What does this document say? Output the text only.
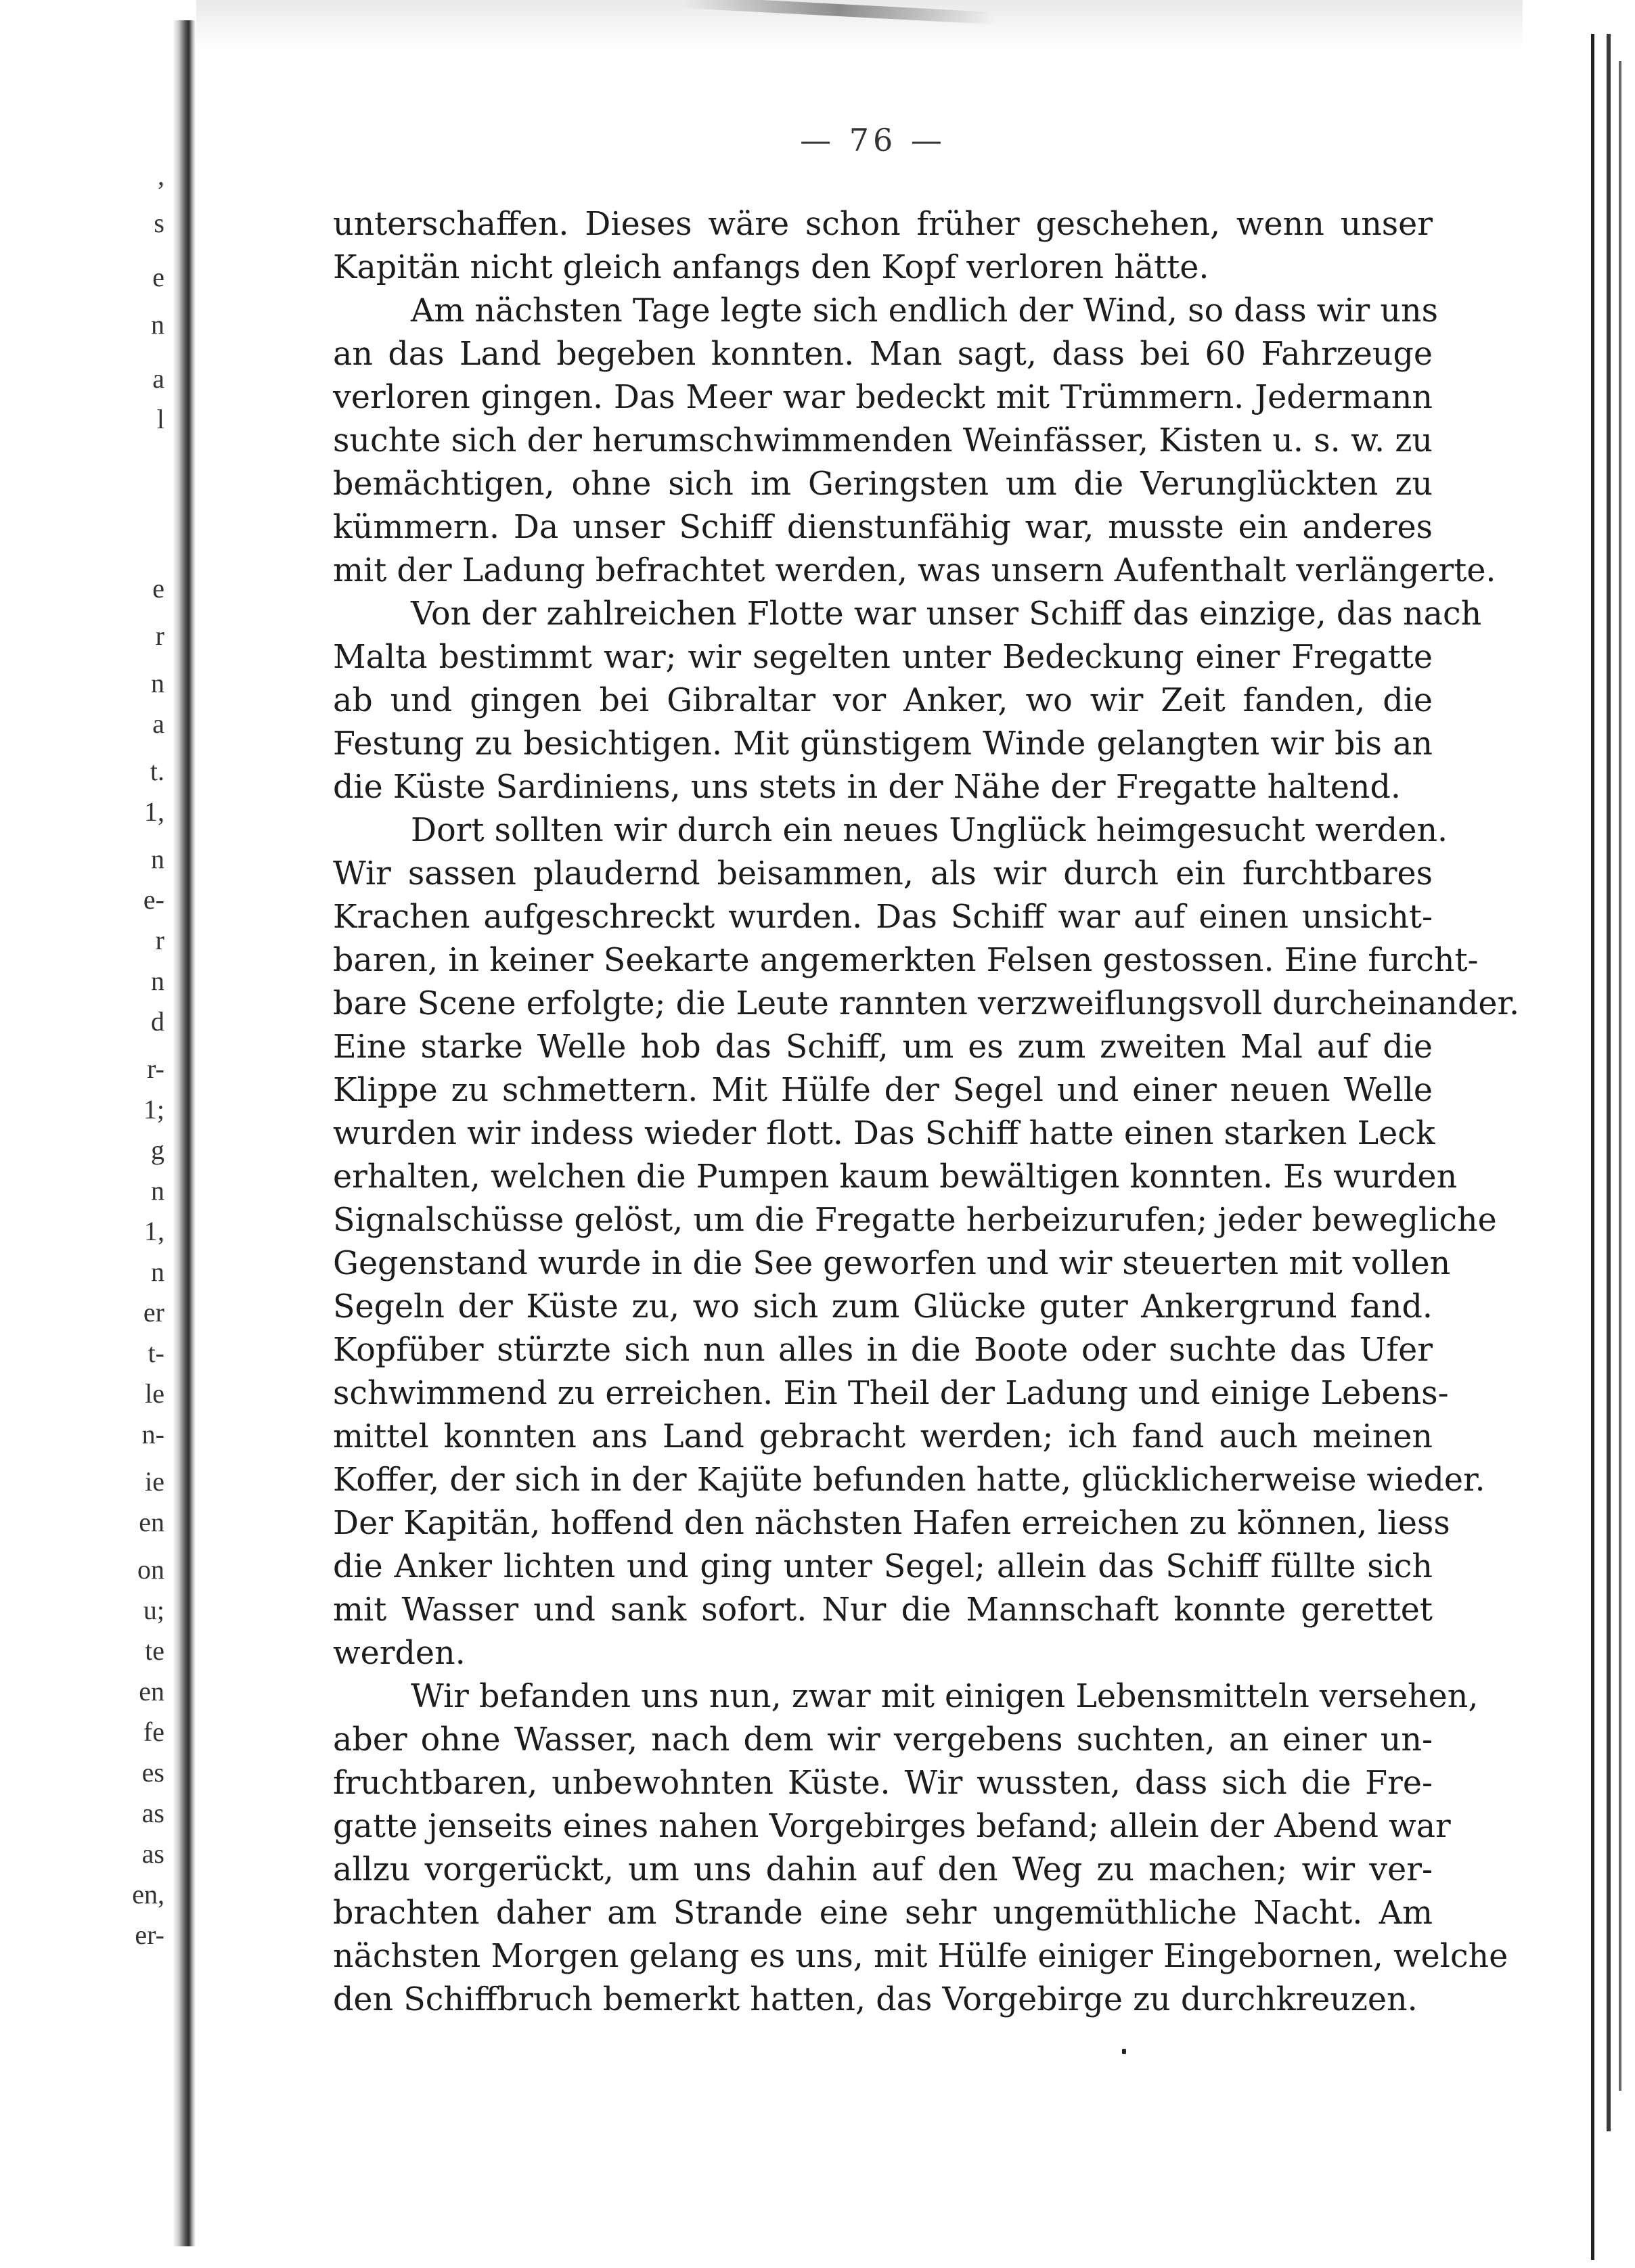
,
s
e
n
a
l
e
r
n
a
t.
1,
n
e-
r
n
d
r-
1;
g
n
1,
n
er
t-
le
n-
ie
en
on
u;
te
en
fe
es
as
as
en,
er-
— 76 —
unterschaffen. Dieses wäre schon früher geschehen, wenn unser
Kapitän nicht gleich anfangs den Kopf verloren hätte.
Am nächsten Tage legte sich endlich der Wind, so dass wir uns
an das Land begeben konnten. Man sagt, dass bei 60 Fahrzeuge
verloren gingen. Das Meer war bedeckt mit Trümmern. Jedermann
suchte sich der herumschwimmenden Weinfässer, Kisten u. s. w. zu
bemächtigen, ohne sich im Geringsten um die Verunglückten zu
kümmern. Da unser Schiff dienstunfähig war, musste ein anderes
mit der Ladung befrachtet werden, was unsern Aufenthalt verlängerte.
Von der zahlreichen Flotte war unser Schiff das einzige, das nach
Malta bestimmt war; wir segelten unter Bedeckung einer Fregatte
ab und gingen bei Gibraltar vor Anker, wo wir Zeit fanden, die
Festung zu besichtigen. Mit günstigem Winde gelangten wir bis an
die Küste Sardiniens, uns stets in der Nähe der Fregatte haltend.
Dort sollten wir durch ein neues Unglück heimgesucht werden.
Wir sassen plaudernd beisammen, als wir durch ein furchtbares
Krachen aufgeschreckt wurden. Das Schiff war auf einen unsicht-
baren, in keiner Seekarte angemerkten Felsen gestossen. Eine furcht-
bare Scene erfolgte; die Leute rannten verzweiflungsvoll durcheinander.
Eine starke Welle hob das Schiff, um es zum zweiten Mal auf die
Klippe zu schmettern. Mit Hülfe der Segel und einer neuen Welle
wurden wir indess wieder flott. Das Schiff hatte einen starken Leck
erhalten, welchen die Pumpen kaum bewältigen konnten. Es wurden
Signalschüsse gelöst, um die Fregatte herbeizurufen; jeder bewegliche
Gegenstand wurde in die See geworfen und wir steuerten mit vollen
Segeln der Küste zu, wo sich zum Glücke guter Ankergrund fand.
Kopfüber stürzte sich nun alles in die Boote oder suchte das Ufer
schwimmend zu erreichen. Ein Theil der Ladung und einige Lebens-
mittel konnten ans Land gebracht werden; ich fand auch meinen
Koffer, der sich in der Kajüte befunden hatte, glücklicherweise wieder.
Der Kapitän, hoffend den nächsten Hafen erreichen zu können, liess
die Anker lichten und ging unter Segel; allein das Schiff füllte sich
mit Wasser und sank sofort. Nur die Mannschaft konnte gerettet
werden.
Wir befanden uns nun, zwar mit einigen Lebensmitteln versehen,
aber ohne Wasser, nach dem wir vergebens suchten, an einer un-
fruchtbaren, unbewohnten Küste. Wir wussten, dass sich die Fre-
gatte jenseits eines nahen Vorgebirges befand; allein der Abend war
allzu vorgerückt, um uns dahin auf den Weg zu machen; wir ver-
brachten daher am Strande eine sehr ungemüthliche Nacht. Am
nächsten Morgen gelang es uns, mit Hülfe einiger Eingebornen, welche
den Schiffbruch bemerkt hatten, das Vorgebirge zu durchkreuzen.
